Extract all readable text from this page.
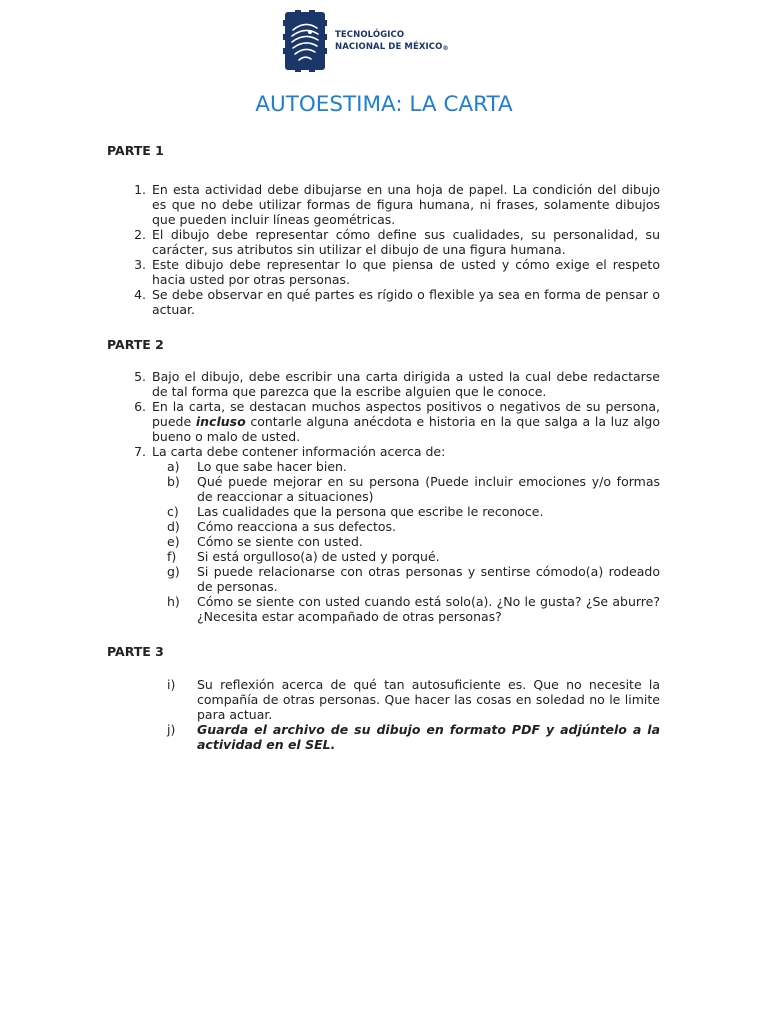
TECNOLÓGICO
NACIONAL DE MÉXICO®
AUTOESTIMA: LA CARTA
PARTE 1
1. En esta actividad debe dibujarse en una hoja de papel. La condición del dibujo es que no debe utilizar formas de figura humana, ni frases, solamente dibujos que pueden incluir líneas geométricas.
2. El dibujo debe representar cómo define sus cualidades, su personalidad, su carácter, sus atributos sin utilizar el dibujo de una figura humana.
3. Este dibujo debe representar lo que piensa de usted y cómo exige el respeto hacia usted por otras personas.
4. Se debe observar en qué partes es rígido o flexible ya sea en forma de pensar o actuar.
PARTE 2
5. Bajo el dibujo, debe escribir una carta dirigida a usted la cual debe redactarse de tal forma que parezca que la escribe alguien que le conoce.
6. En la carta, se destacan muchos aspectos positivos o negativos de su persona, puede incluso contarle alguna anécdota e historia en la que salga a la luz algo bueno o malo de usted.
7. La carta debe contener información acerca de:
a)	Lo que sabe hacer bien.
b)	Qué puede mejorar en su persona (Puede incluir emociones y/o formas de reaccionar a situaciones)
c)	Las cualidades que la persona que escribe le reconoce.
d)	Cómo reacciona a sus defectos.
e)	Cómo se siente con usted.
f)	Si está orgulloso(a) de usted y porqué.
g)	Si puede relacionarse con otras personas y sentirse cómodo(a) rodeado de personas.
h)	Cómo se siente con usted cuando está solo(a). ¿No le gusta? ¿Se aburre? ¿Necesita estar acompañado de otras personas?
PARTE 3
i)	Su reflexión acerca de qué tan autosuficiente es. Que no necesite la compañía de otras personas. Que hacer las cosas en soledad no le limite para actuar.
j)	Guarda el archivo de su dibujo en formato PDF y adjúntelo a la actividad en el SEL.
